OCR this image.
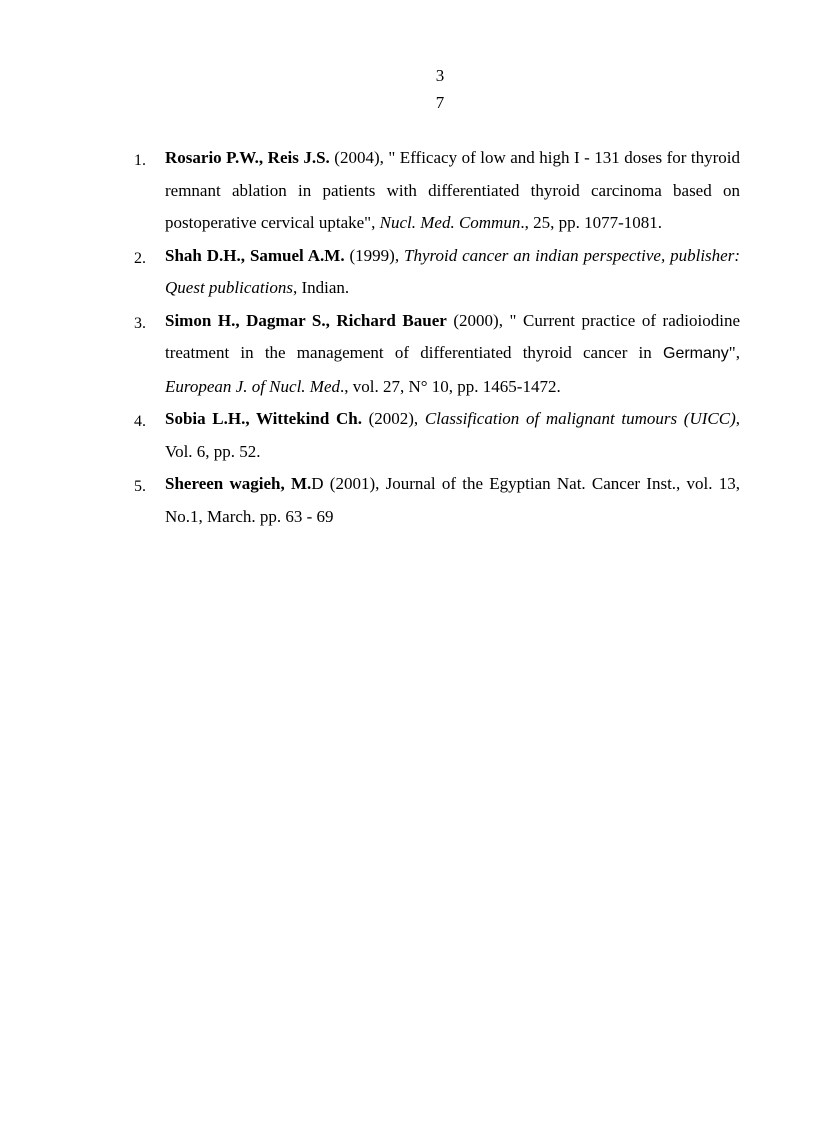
3
7
1. Rosario P.W., Reis J.S. (2004), " Efficacy of low and high I - 131 doses for thyroid remnant ablation in patients with differentiated thyroid carcinoma based on postoperative cervical uptake", Nucl. Med. Commun., 25, pp. 1077-1081.
2. Shah D.H., Samuel A.M. (1999), Thyroid cancer an indian perspective, publisher: Quest publications, Indian.
3. Simon H., Dagmar S., Richard Bauer (2000), " Current practice of radioiodine treatment in the management of differentiated thyroid cancer in Germany", European J. of Nucl. Med., vol. 27, N° 10, pp. 1465-1472.
4. Sobia L.H., Wittekind Ch. (2002), Classification of malignant tumours (UICC), Vol. 6, pp. 52.
5. Shereen wagieh, M.D (2001), Journal of the Egyptian Nat. Cancer Inst., vol. 13, No.1, March. pp. 63 - 69
